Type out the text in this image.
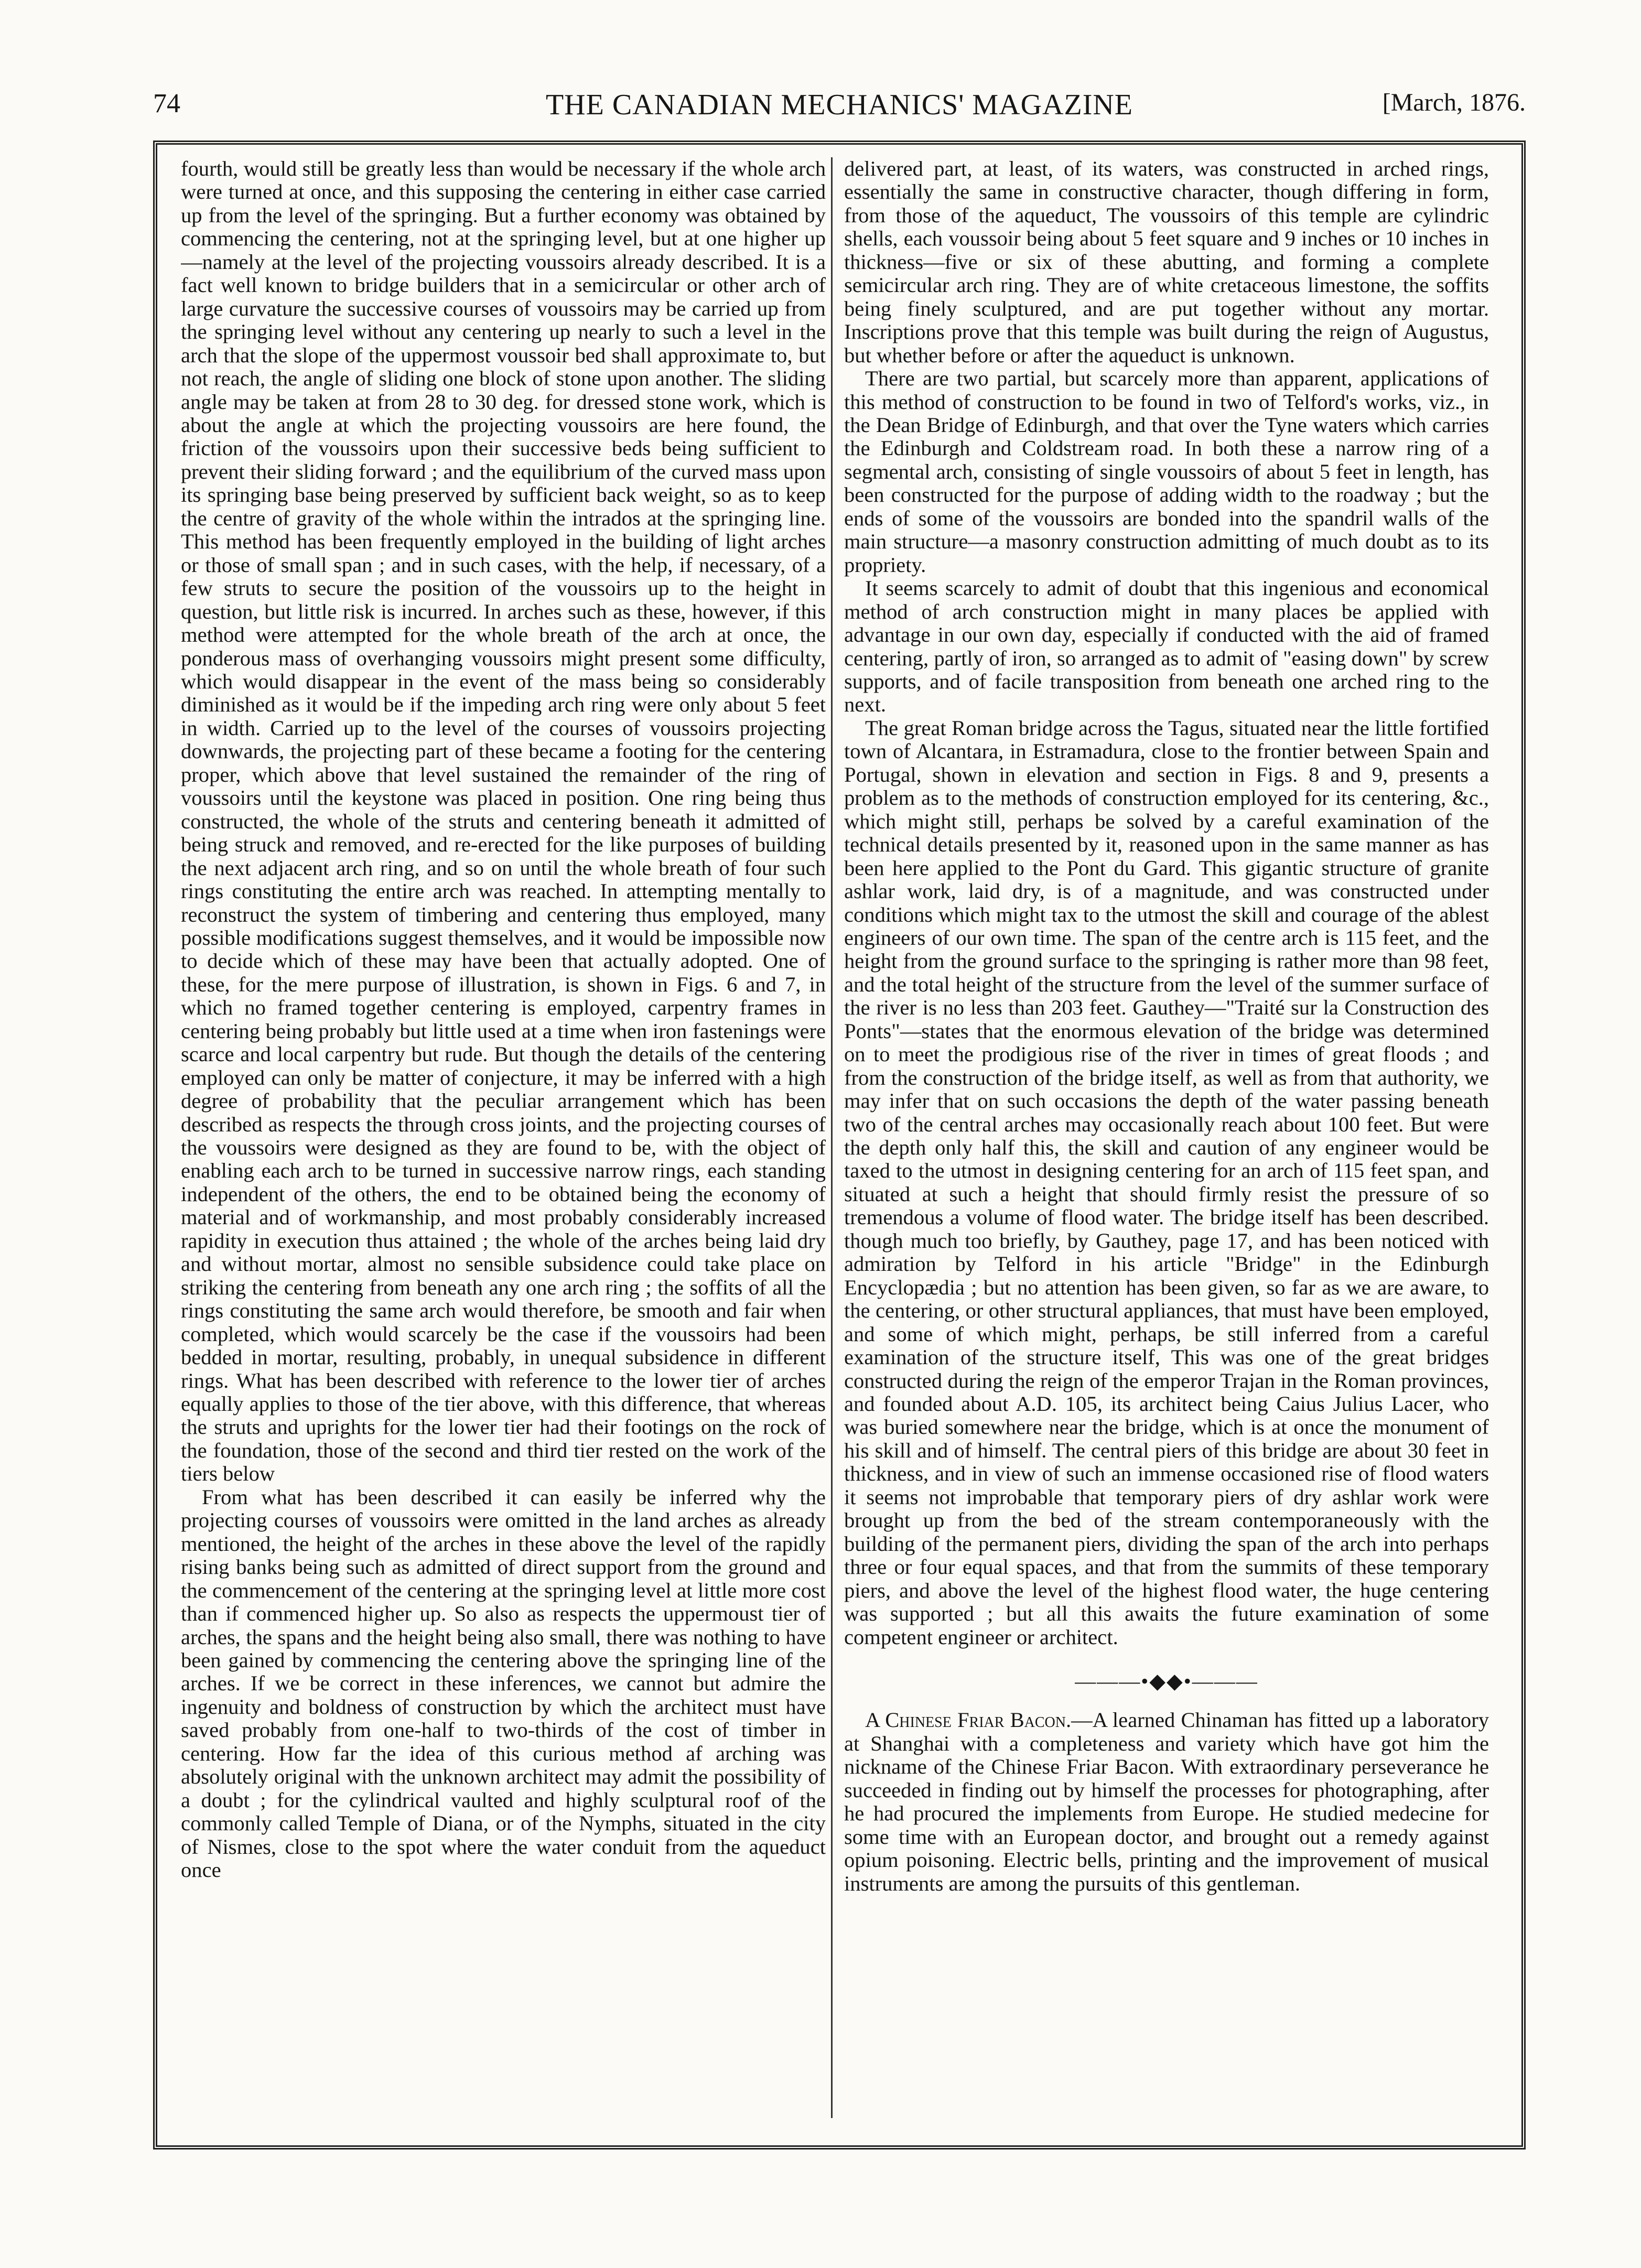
74	THE CANADIAN MECHANICS' MAGAZINE	[March, 1876.

fourth, would still be greatly less than would be necessary if the whole arch were turned at once, and this supposing the centering in either case carried up from the level of the springing. But a further economy was obtained by commencing the centering, not at the springing level, but at one higher up—namely at the level of the projecting voussoirs already described. It is a fact well known to bridge builders that in a semicircular or other arch of large curvature the successive courses of voussoirs may be carried up from the springing level without any centering up nearly to such a level in the arch that the slope of the uppermost voussoir bed shall approximate to, but not reach, the angle of sliding one block of stone upon another. The sliding angle may be taken at from 28 to 30 deg. for dressed stone work, which is about the angle at which the projecting voussoirs are here found, the friction of the voussoirs upon their successive beds being sufficient to prevent their sliding forward ; and the equilibrium of the curved mass upon its springing base being preserved by sufficient back weight, so as to keep the centre of gravity of the whole within the intrados at the springing line. This method has been frequently employed in the building of light arches or those of small span ; and in such cases, with the help, if necessary, of a few struts to secure the position of the voussoirs up to the height in question, but little risk is incurred. In arches such as these, however, if this method were attempted for the whole breath of the arch at once, the ponderous mass of overhanging voussoirs might present some difficulty, which would disappear in the event of the mass being so considerably diminished as it would be if the impeding arch ring were only about 5 feet in width. Carried up to the level of the courses of voussoirs projecting downwards, the projecting part of these became a footing for the centering proper, which above that level sustained the remainder of the ring of voussoirs until the keystone was placed in position. One ring being thus constructed, the whole of the struts and centering beneath it admitted of being struck and removed, and re-erected for the like purposes of building the next adjacent arch ring, and so on until the whole breath of four such rings constituting the entire arch was reached. In attempting mentally to reconstruct the system of timbering and centering thus employed, many possible modifications suggest themselves, and it would be impossible now to decide which of these may have been that actually adopted. One of these, for the mere purpose of illustration, is shown in Figs. 6 and 7, in which no framed together centering is employed, carpentry frames in centering being probably but little used at a time when iron fastenings were scarce and local carpentry but rude. But though the details of the centering employed can only be matter of conjecture, it may be inferred with a high degree of probability that the peculiar arrangement which has been described as respects the through cross joints, and the projecting courses of the voussoirs were designed as they are found to be, with the object of enabling each arch to be turned in successive narrow rings, each standing independent of the others, the end to be obtained being the economy of material and of workmanship, and most probably considerably increased rapidity in execution thus attained ; the whole of the arches being laid dry and without mortar, almost no sensible subsidence could take place on striking the centering from beneath any one arch ring ; the soffits of all the rings constituting the same arch would therefore, be smooth and fair when completed, which would scarcely be the case if the voussoirs had been bedded in mortar, resulting, probably, in unequal subsidence in different rings. What has been described with reference to the lower tier of arches equally applies to those of the tier above, with this difference, that whereas the struts and uprights for the lower tier had their footings on the rock of the foundation, those of the second and third tier rested on the work of the tiers below

From what has been described it can easily be inferred why the projecting courses of voussoirs were omitted in the land arches as already mentioned, the height of the arches in these above the level of the rapidly rising banks being such as admitted of direct support from the ground and the commencement of the centering at the springing level at little more cost than if commenced higher up. So also as respects the uppermoust tier of arches, the spans and the height being also small, there was nothing to have been gained by commencing the centering above the springing line of the arches. If we be correct in these inferences, we cannot but admire the ingenuity and boldness of construction by which the architect must have saved probably from one-half to two-thirds of the cost of timber in centering. How far the idea of this curious method af arching was absolutely original with the unknown architect may admit the possibility of a doubt ; for the cylindrical vaulted and highly sculptural roof of the commonly called Temple of Diana, or of the Nymphs, situated in the city of Nismes, close to the spot where the water conduit from the aqueduct once

delivered part, at least, of its waters, was constructed in arched rings, essentially the same in constructive character, though differing in form, from those of the aqueduct, The voussoirs of this temple are cylindric shells, each voussoir being about 5 feet square and 9 inches or 10 inches in thickness—five or six of these abutting, and forming a complete semicircular arch ring. They are of white cretaceous limestone, the soffits being finely sculptured, and are put together without any mortar. Inscriptions prove that this temple was built during the reign of Augustus, but whether before or after the aqueduct is unknown.

There are two partial, but scarcely more than apparent, applications of this method of construction to be found in two of Telford's works, viz., in the Dean Bridge of Edinburgh, and that over the Tyne waters which carries the Edinburgh and Coldstream road. In both these a narrow ring of a segmental arch, consisting of single voussoirs of about 5 feet in length, has been constructed for the purpose of adding width to the roadway ; but the ends of some of the voussoirs are bonded into the spandril walls of the main structure—a masonry construction admitting of much doubt as to its propriety.

It seems scarcely to admit of doubt that this ingenious and economical method of arch construction might in many places be applied with advantage in our own day, especially if conducted with the aid of framed centering, partly of iron, so arranged as to admit of "easing down" by screw supports, and of facile transposition from beneath one arched ring to the next.

The great Roman bridge across the Tagus, situated near the little fortified town of Alcantara, in Estramadura, close to the frontier between Spain and Portugal, shown in elevation and section in Figs. 8 and 9, presents a problem as to the methods of construction employed for its centering, &c., which might still, perhaps be solved by a careful examination of the technical details presented by it, reasoned upon in the same manner as has been here applied to the Pont du Gard. This gigantic structure of granite ashlar work, laid dry, is of a magnitude, and was constructed under conditions which might tax to the utmost the skill and courage of the ablest engineers of our own time. The span of the centre arch is 115 feet, and the height from the ground surface to the springing is rather more than 98 feet, and the total height of the structure from the level of the summer surface of the river is no less than 203 feet. Gauthey—"Traité sur la Construction des Ponts"—states that the enormous elevation of the bridge was determined on to meet the prodigious rise of the river in times of great floods ; and from the construction of the bridge itself, as well as from that authority, we may infer that on such occasions the depth of the water passing beneath two of the central arches may occasionally reach about 100 feet. But were the depth only half this, the skill and caution of any engineer would be taxed to the utmost in designing centering for an arch of 115 feet span, and situated at such a height that should firmly resist the pressure of so tremendous a volume of flood water. The bridge itself has been described. though much too briefly, by Gauthey, page 17, and has been noticed with admiration by Telford in his article "Bridge" in the Edinburgh Encyclopædia ; but no attention has been given, so far as we are aware, to the centering, or other structural appliances, that must have been employed, and some of which might, perhaps, be still inferred from a careful examination of the structure itself, This was one of the great bridges constructed during the reign of the emperor Trajan in the Roman provinces, and founded about A.D. 105, its architect being Caius Julius Lacer, who was buried somewhere near the bridge, which is at once the monument of his skill and of himself. The central piers of this bridge are about 30 feet in thickness, and in view of such an immense occasioned rise of flood waters it seems not improbable that temporary piers of dry ashlar work were brought up from the bed of the stream contemporaneously with the building of the permanent piers, dividing the span of the arch into perhaps three or four equal spaces, and that from the summits of these temporary piers, and above the level of the highest flood water, the huge centering was supported ; but all this awaits the future examination of some competent engineer or architect.

———•◆◆•———

A Chinese Friar Bacon.—A learned Chinaman has fitted up a laboratory at Shanghai with a completeness and variety which have got him the nickname of the Chinese Friar Bacon. With extraordinary perseverance he succeeded in finding out by himself the processes for photographing, after he had procured the implements from Europe. He studied medecine for some time with an European doctor, and brought out a remedy against opium poisoning. Electric bells, printing and the improvement of musical instruments are among the pursuits of this gentleman.
